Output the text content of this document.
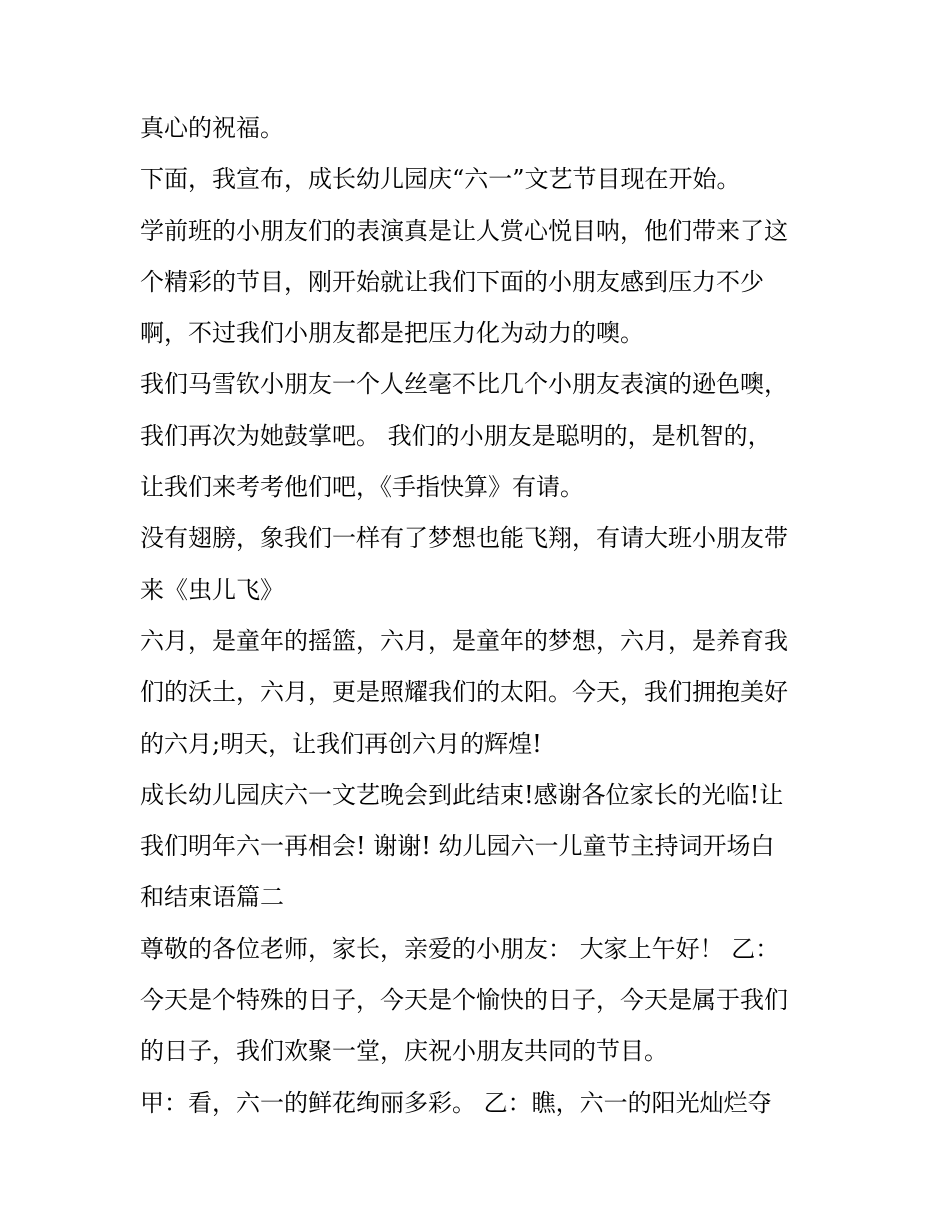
真心的祝福。
下面，我宣布，成长幼儿园庆“六一”文艺节目现在开始。
学前班的小朋友们的表演真是让人赏心悦目呐，他们带来了这
个精彩的节目，刚开始就让我们下面的小朋友感到压力不少
啊，不过我们小朋友都是把压力化为动力的噢。
我们马雪钦小朋友一个人丝毫不比几个小朋友表演的逊色噢，
我们再次为她鼓掌吧。 我们的小朋友是聪明的，是机智的，
让我们来考考他们吧，《手指快算》有请。
没有翅膀，象我们一样有了梦想也能飞翔，有请大班小朋友带
来《虫儿飞》
六月，是童年的摇篮，六月，是童年的梦想，六月，是养育我
们的沃土，六月，更是照耀我们的太阳。今天，我们拥抱美好
的六月;明天，让我们再创六月的辉煌!
成长幼儿园庆六一文艺晚会到此结束!感谢各位家长的光临!让
我们明年六一再相会! 谢谢! 幼儿园六一儿童节主持词开场白
和结束语篇二
尊敬的各位老师，家长，亲爱的小朋友： 大家上午好！ 乙：
今天是个特殊的日子，今天是个愉快的日子，今天是属于我们
的日子，我们欢聚一堂，庆祝小朋友共同的节目。
甲：看，六一的鲜花绚丽多彩。 乙：瞧，六一的阳光灿烂夺
